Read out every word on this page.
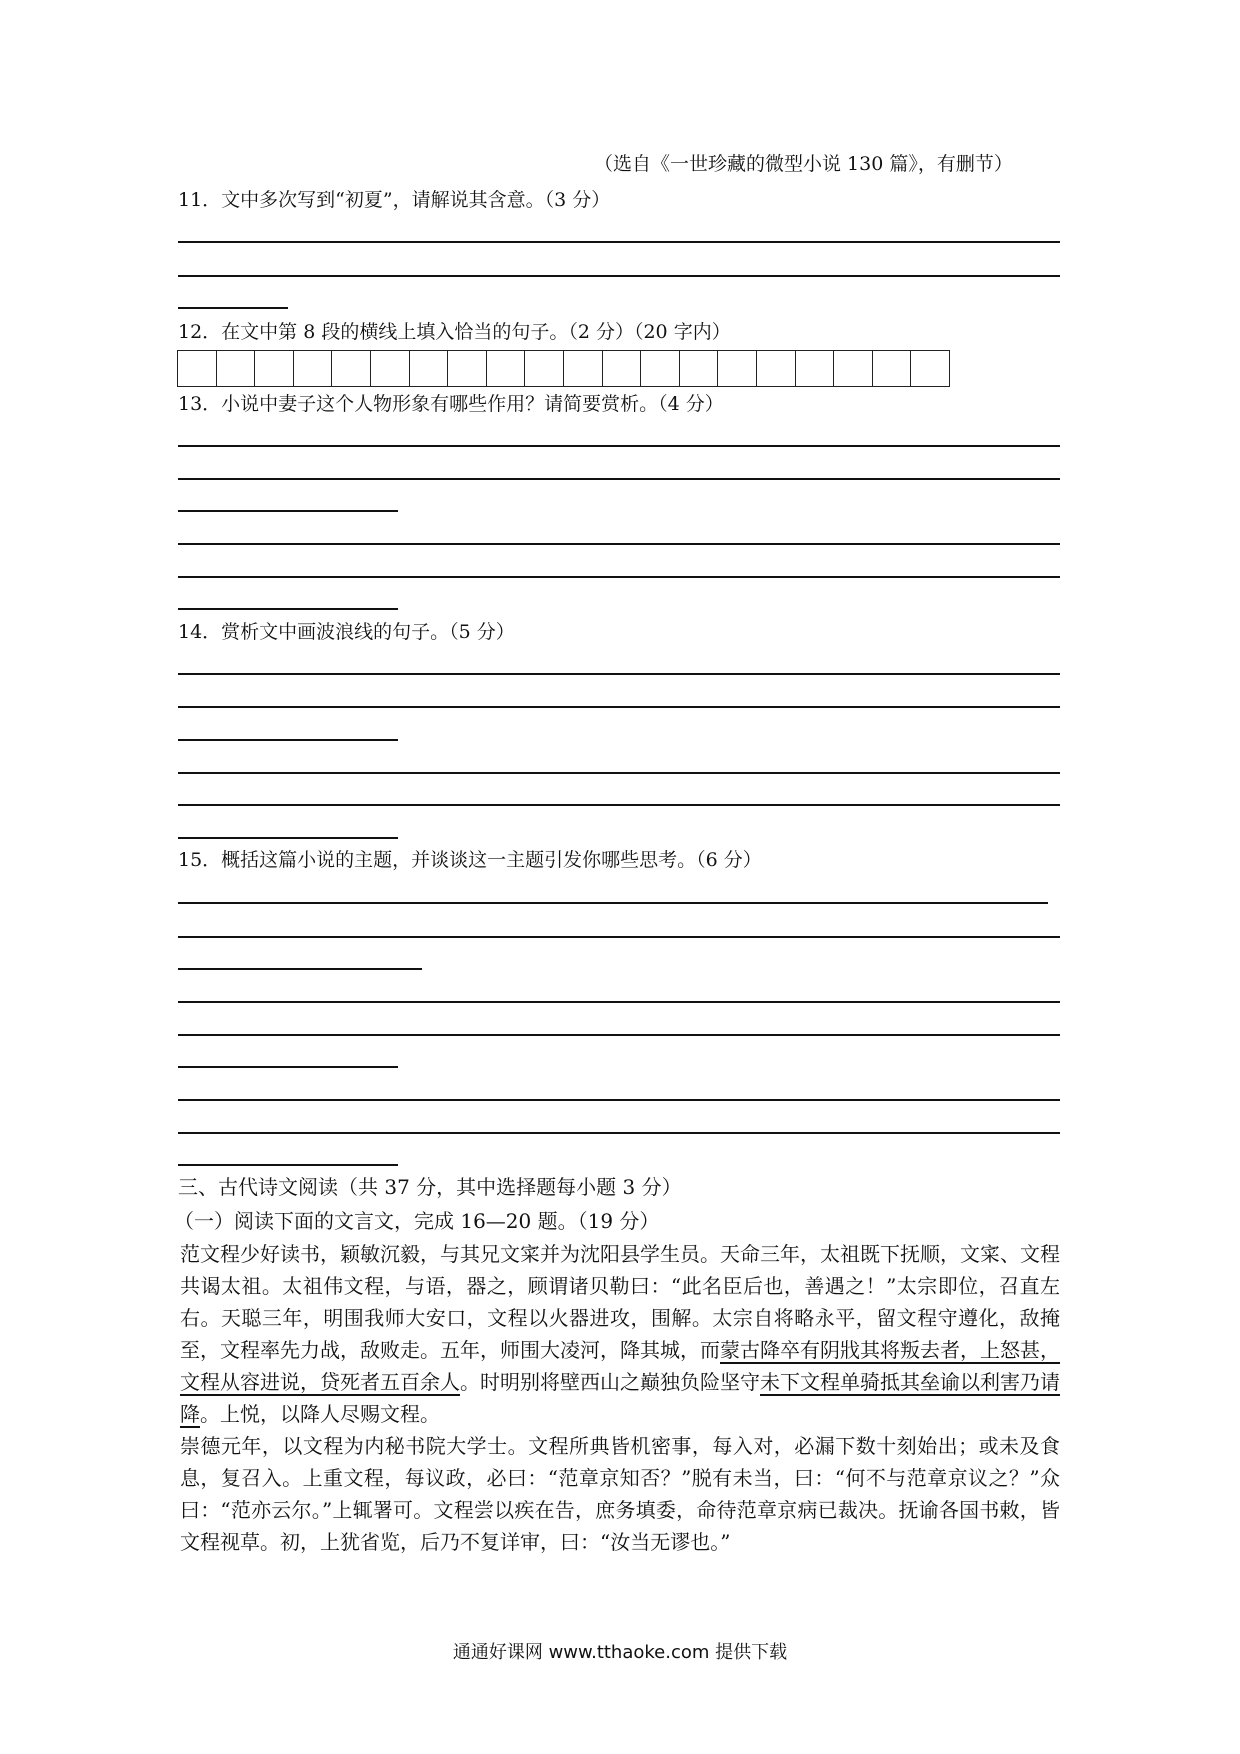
（选自《一世珍藏的微型小说 130 篇》，有删节）
11．文中多次写到“初夏”，请解说其含意。（3 分）
12．在文中第 8 段的横线上填入恰当的句子。（2 分）（20 字内）
13．小说中妻子这个人物形象有哪些作用？请简要赏析。（4 分）
14．赏析文中画波浪线的句子。（5 分）
15．概括这篇小说的主题，并谈谈这一主题引发你哪些思考。（6 分）
三、古代诗文阅读（共 37 分，其中选择题每小题 3 分）
（一）阅读下面的文言文，完成 16—20 题。（19 分）
范文程少好读书，颖敏沉毅，与其兄文寀并为沈阳县学生员。天命三年，太祖既下抚顺，文寀、文程共谒太祖。太祖伟文程，与语，器之，顾谓诸贝勒曰：“此名臣后也，善遇之！”太宗即位，召直左右。天聪三年，明围我师大安口，文程以火器进攻，围解。太宗自将略永平，留文程守遵化，敌掩至，文程率先力战，敌败走。五年，师围大凌河，降其城，而蒙古降卒有阴戕其将叛去者，上怒甚，文程从容进说，贷死者五百余人。时明别将壁西山之巅独负险坚守未下文程单骑抵其垒谕以利害乃请降。上悦，以降人尽赐文程。
崇德元年，以文程为内秘书院大学士。文程所典皆机密事，每入对，必漏下数十刻始出；或未及食息，复召入。上重文程，每议政，必曰：“范章京知否？”脱有未当，曰：“何不与范章京议之？”众曰：“范亦云尔。”上辄署可。文程尝以疾在告，庶务填委，命待范章京病已裁决。抚谕各国书敕，皆文程视草。初，上犹省览，后乃不复详审，曰：“汝当无谬也。”
通通好课网 www.tthaoke.com 提供下载
